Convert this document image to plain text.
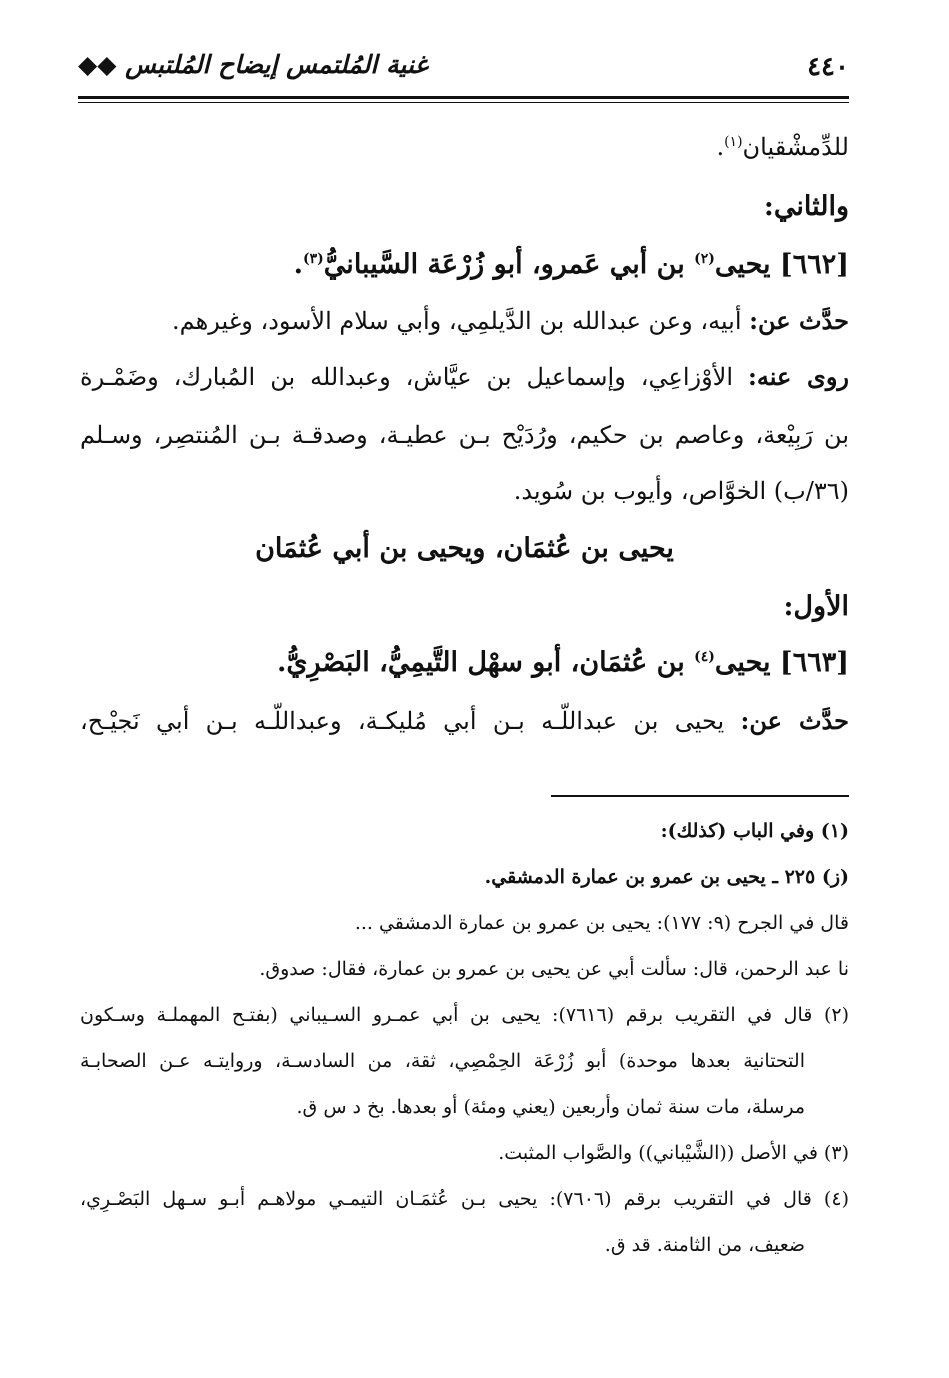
٤٤٠
غنية المُلتمس إيضاح المُلتبس ◆◆
للدِّمشْقيان$^{(١)}$.
والثاني:
[٦٦٢] يحيى$^{(٢)}$ بن أبي عَمرو، أبو زُرْعَة السَّيبانيُّ$^{(٣)}$.
حدَّث عن: أبيه، وعن عبدالله بن الدَّيلمِي، وأبي سلام الأسود، وغيرهم.
روى عنه: الأوْزاعِي، وإسماعيل بن عيَّاش، وعبدالله بن المُبارك، وضَمْـرة
بن رَبِيْعة، وعاصم بن حكيم، ورُدَيْح بـن عطيـة، وصدقـة بـن المُنتصِر، وسـلم
(٣٦/ب) الخوَّاص، وأيوب بن سُويد.
يحيى بن عُثمَان، ويحيى بن أبي عُثمَان
الأول:
[٦٦٣] يحيى$^{(٤)}$ بن عُثمَان، أبو سهْل التَّيمِيُّ، البَصْرِيُّ.
حدَّث عن: يحيى بن عبداللّـه بـن أبي مُليكـة، وعبداللّـه بـن أبي نَجيْـح،
(١) وفي الباب (كذلك):
(ز) ٢٢٥ ـ يحيى بن عمرو بن عمارة الدمشقي.
قال في الجرح (٩: ١٧٧): يحيى بن عمرو بن عمارة الدمشقي ...
نا عبد الرحمن، قال: سألت أبي عن يحيى بن عمرو بن عمارة، فقال: صدوق.
(٢) قال في التقريب برقم (٧٦١٦): يحيى بن أبي عمـرو السـيباني (بفتـح المهملـة وسـكون
التحتانية بعدها موحدة) أبو زُرْعَة الحِمْصِي، ثقة، من السادسـة، وروايتـه عـن الصحابـة
مرسلة، مات سنة ثمان وأربعين (يعني ومئة) أو بعدها. بخ د س ق.
(٣) في الأصل ((الشَّيْباني)) والصَّواب المثبت.
(٤) قال في التقريب برقم (٧٦٠٦): يحيى بـن عُثمَـان التيمـي مولاهـم أبـو سـهل البَصْـرِي،
ضعيف، من الثامنة. قد ق.
